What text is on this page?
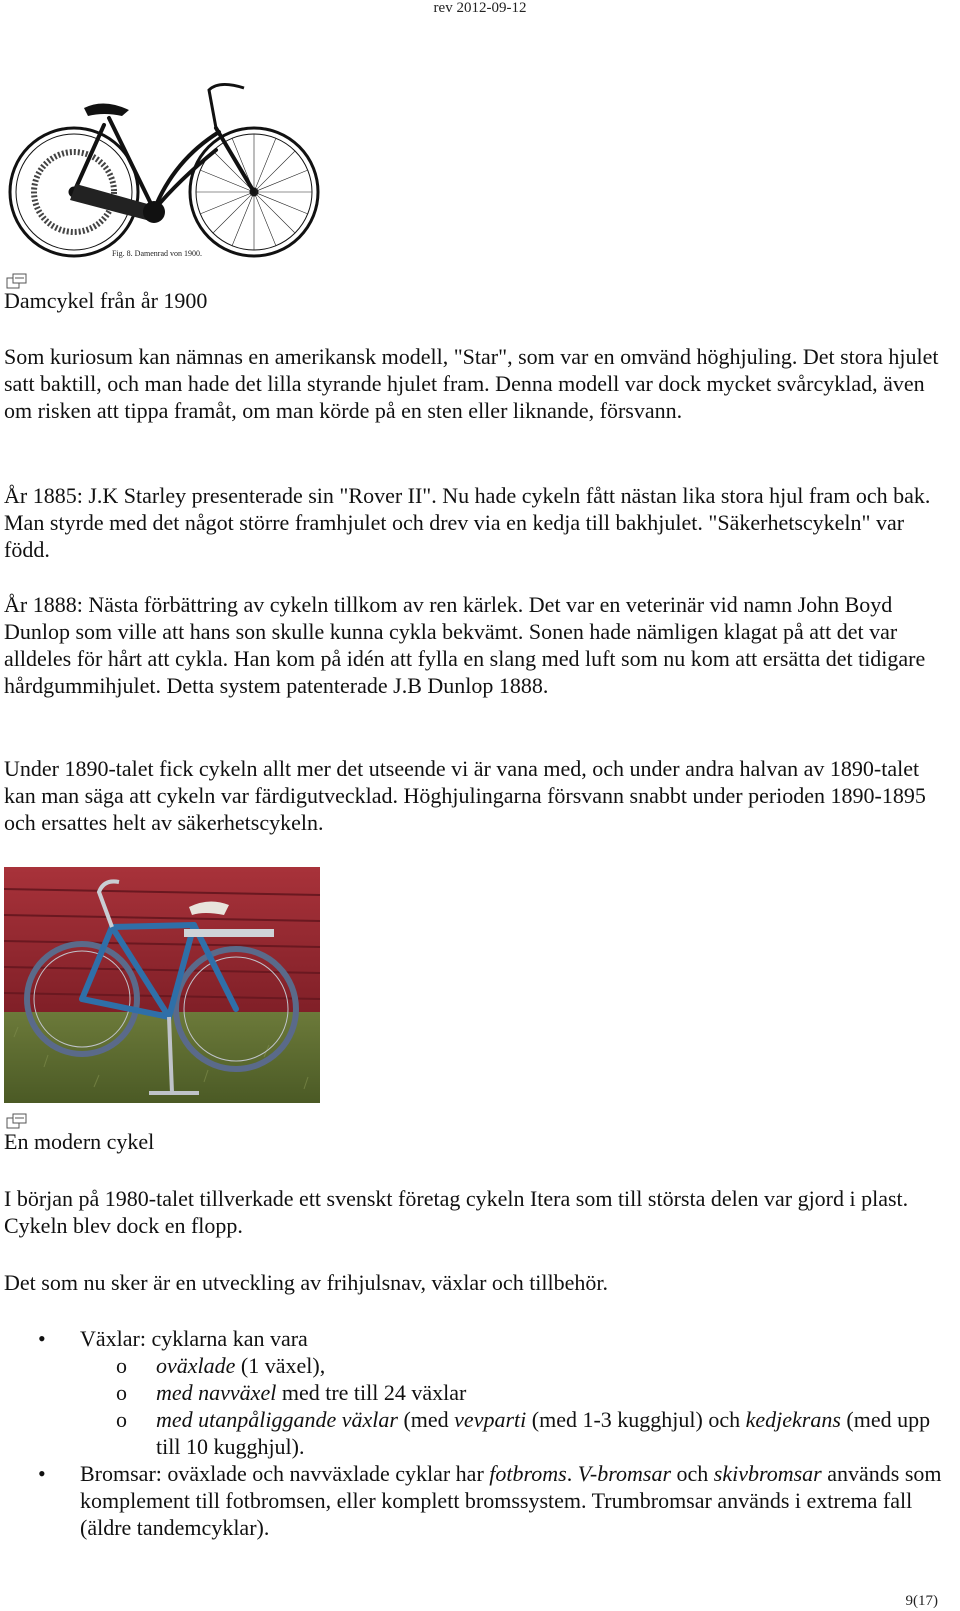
rev 2012-09-12
Fig. 8. Damenrad von 1900.
Damcykel från år 1900
Som kuriosum kan nämnas en amerikansk modell, "Star", som var en omvänd höghjuling. Det stora hjulet satt baktill, och man hade det lilla styrande hjulet fram. Denna modell var dock mycket svårcyklad, även om risken att tippa framåt, om man körde på en sten eller liknande, försvann.
År 1885: J.K Starley presenterade sin "Rover II". Nu hade cykeln fått nästan lika stora hjul fram och bak. Man styrde med det något större framhjulet och drev via en kedja till bakhjulet. "Säkerhetscykeln" var född.
År 1888: Nästa förbättring av cykeln tillkom av ren kärlek. Det var en veterinär vid namn John Boyd Dunlop som ville att hans son skulle kunna cykla bekvämt. Sonen hade nämligen klagat på att det var alldeles för hårt att cykla. Han kom på idén att fylla en slang med luft som nu kom att ersätta det tidigare hårdgummihjulet. Detta system patenterade J.B Dunlop 1888.
Under 1890-talet fick cykeln allt mer det utseende vi är vana med, och under andra halvan av 1890-talet kan man säga att cykeln var färdigutvecklad. Höghjulingarna försvann snabbt under perioden 1890-1895 och ersattes helt av säkerhetscykeln.
En modern cykel
I början på 1980-talet tillverkade ett svenskt företag cykeln Itera som till största delen var gjord i plast. Cykeln blev dock en flopp.
Det som nu sker är en utveckling av frihjulsnav, växlar och tillbehör.
• Växlar: cyklarna kan vara
o oväxlade (1 växel),
o med navväxel med tre till 24 växlar
o med utanpåliggande växlar (med vevparti (med 1-3 kugghjul) och kedjekrans (med upp till 10 kugghjul).
• Bromsar: oväxlade och navväxlade cyklar har fotbroms. V-bromsar och skivbromsar används som komplement till fotbromsen, eller komplett bromssystem. Trumbromsar används i extrema fall (äldre tandemcyklar).
9(17)
